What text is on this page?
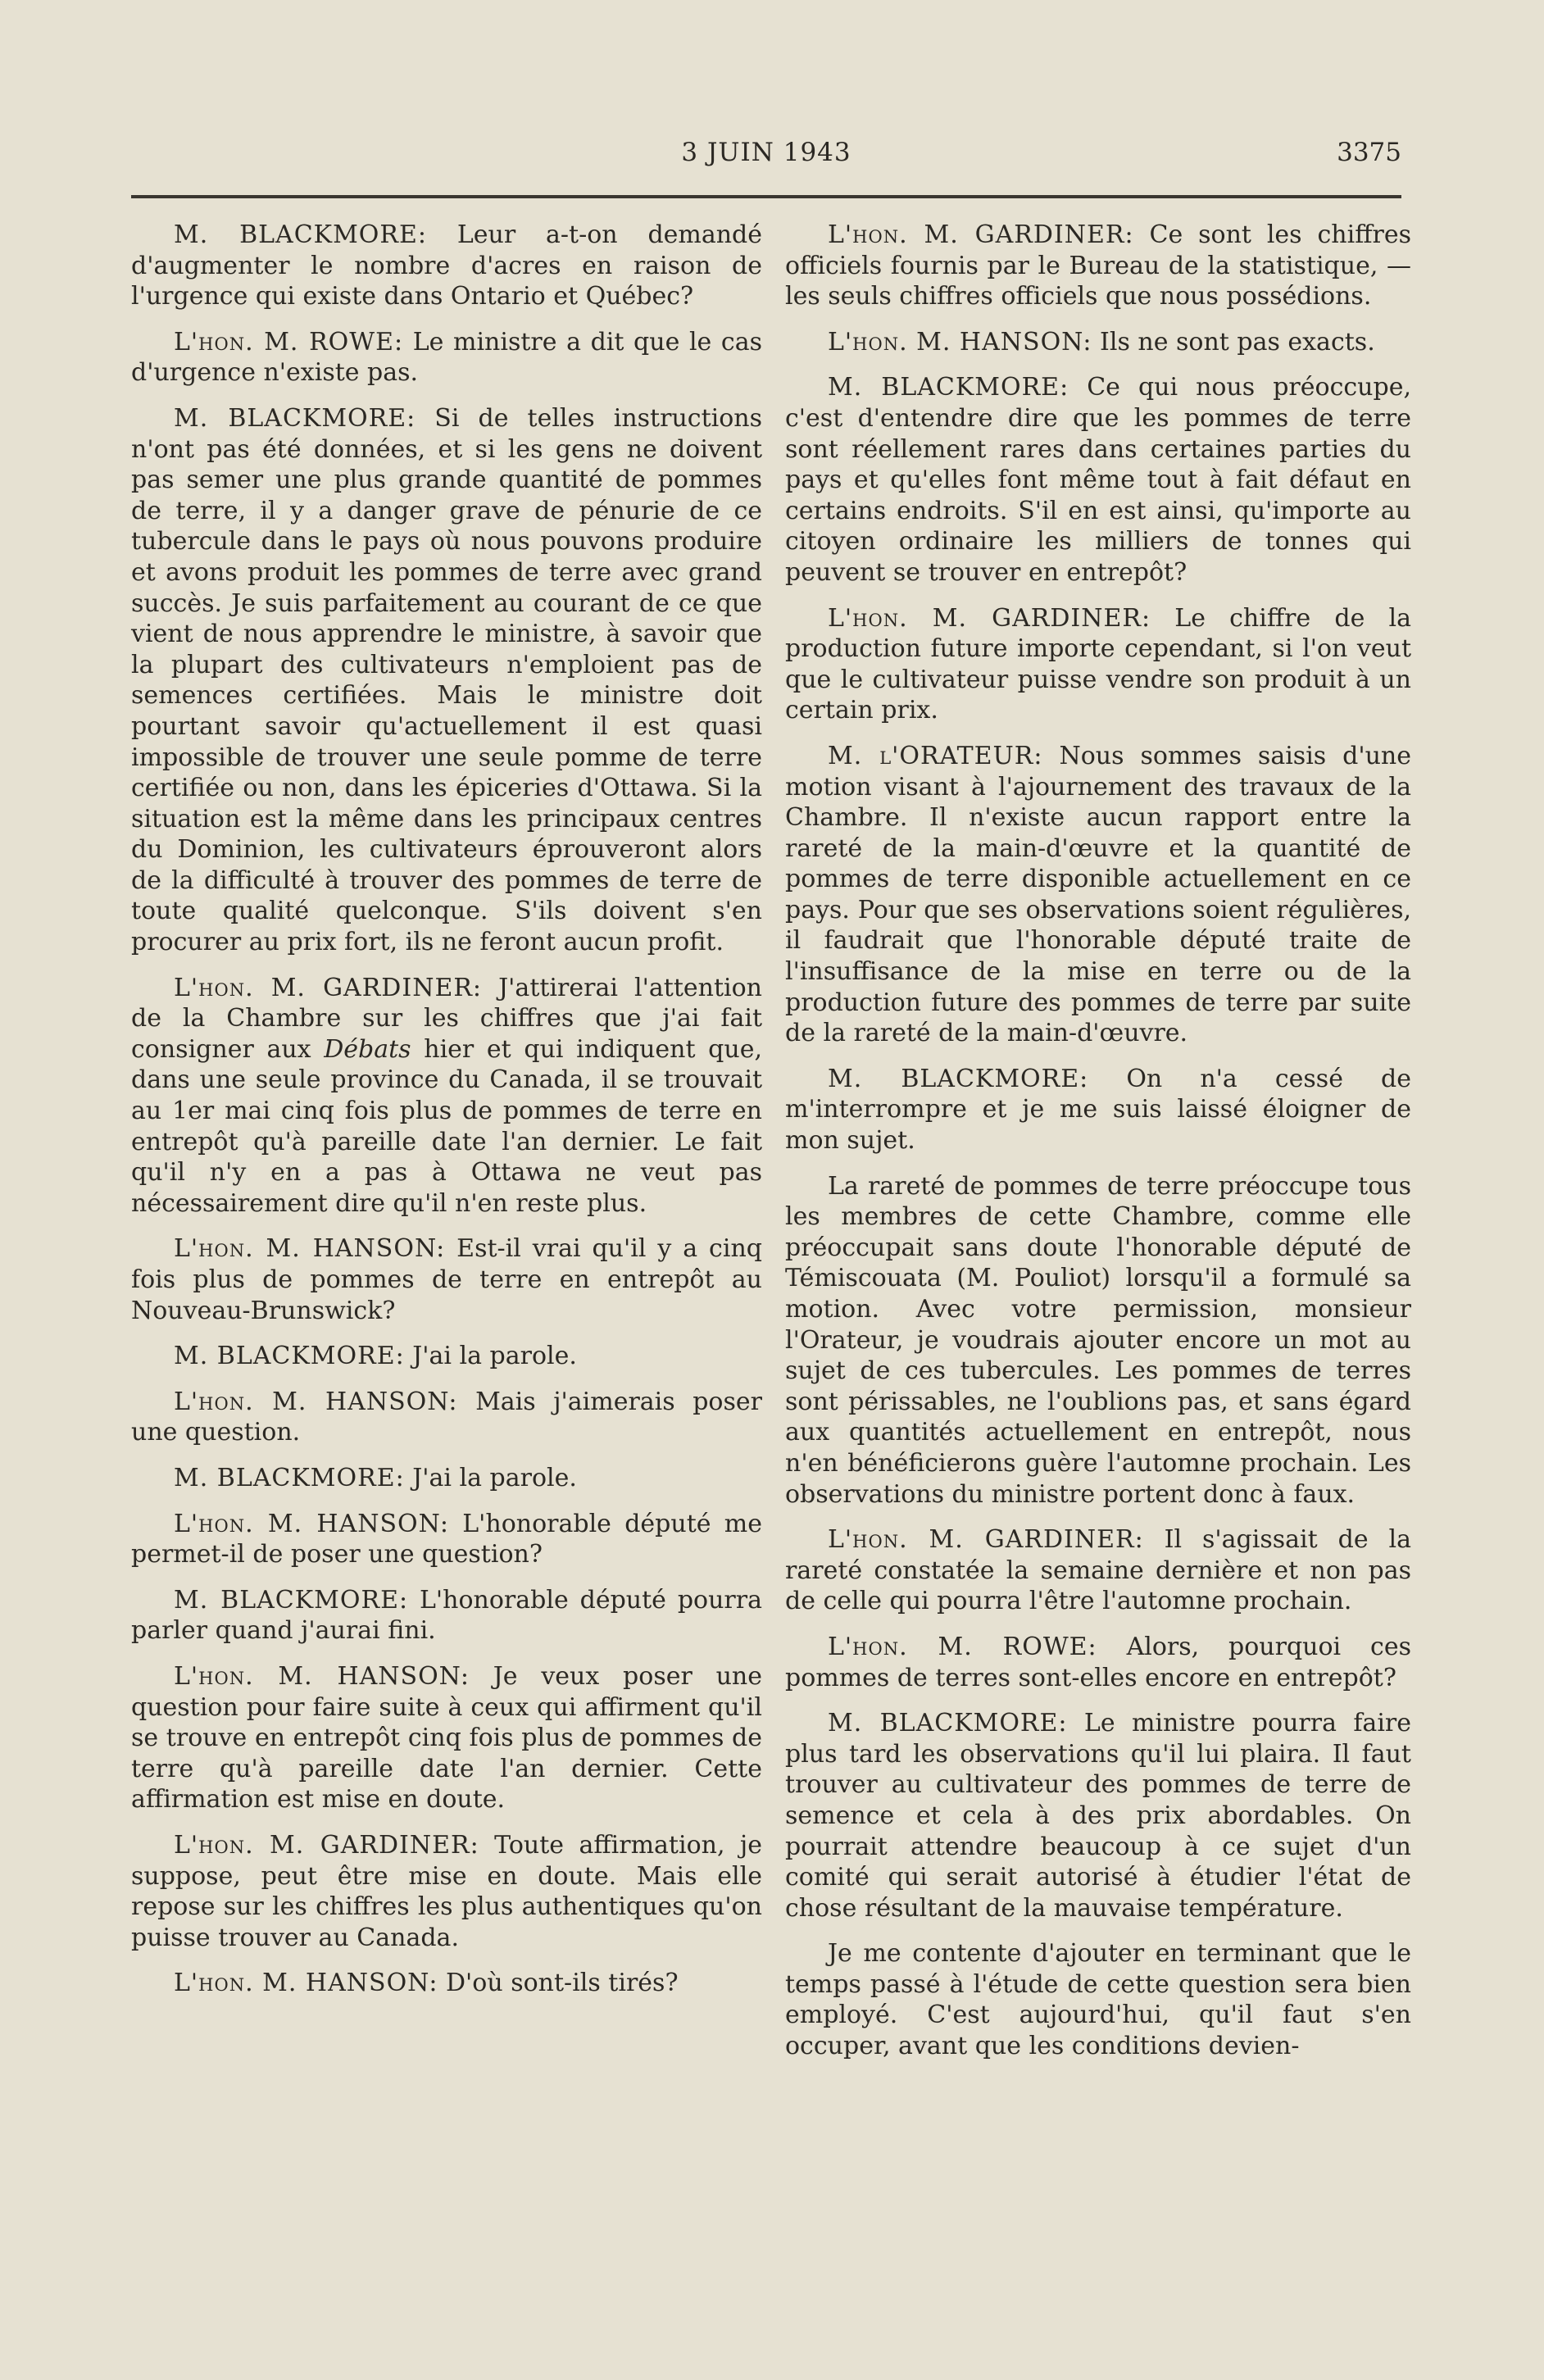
3 JUIN 1943	3375

M. BLACKMORE: Leur a-t-on demandé d'augmenter le nombre d'acres en raison de l'urgence qui existe dans Ontario et Québec?

L'hon. M. ROWE: Le ministre a dit que le cas d'urgence n'existe pas.

M. BLACKMORE: Si de telles instructions n'ont pas été données, et si les gens ne doivent pas semer une plus grande quantité de pommes de terre, il y a danger grave de pénurie de ce tubercule dans le pays où nous pouvons produire et avons produit les pommes de terre avec grand succès. Je suis parfaitement au courant de ce que vient de nous apprendre le ministre, à savoir que la plupart des cultivateurs n'emploient pas de semences certifiées. Mais le ministre doit pourtant savoir qu'actuellement il est quasi impossible de trouver une seule pomme de terre certifiée ou non, dans les épiceries d'Ottawa. Si la situation est la même dans les principaux centres du Dominion, les cultivateurs éprouveront alors de la difficulté à trouver des pommes de terre de toute qualité quelconque. S'ils doivent s'en procurer au prix fort, ils ne feront aucun profit.

L'hon. M. GARDINER: J'attirerai l'attention de la Chambre sur les chiffres que j'ai fait consigner aux Débats hier et qui indiquent que, dans une seule province du Canada, il se trouvait au 1er mai cinq fois plus de pommes de terre en entrepôt qu'à pareille date l'an dernier. Le fait qu'il n'y en a pas à Ottawa ne veut pas nécessairement dire qu'il n'en reste plus.

L'hon. M. HANSON: Est-il vrai qu'il y a cinq fois plus de pommes de terre en entrepôt au Nouveau-Brunswick?

M. BLACKMORE: J'ai la parole.

L'hon. M. HANSON: Mais j'aimerais poser une question.

M. BLACKMORE: J'ai la parole.

L'hon. M. HANSON: L'honorable député me permet-il de poser une question?

M. BLACKMORE: L'honorable député pourra parler quand j'aurai fini.

L'hon. M. HANSON: Je veux poser une question pour faire suite à ceux qui affirment qu'il se trouve en entrepôt cinq fois plus de pommes de terre qu'à pareille date l'an dernier. Cette affirmation est mise en doute.

L'hon. M. GARDINER: Toute affirmation, je suppose, peut être mise en doute. Mais elle repose sur les chiffres les plus authentiques qu'on puisse trouver au Canada.

L'hon. M. HANSON: D'où sont-ils tirés?

L'hon. M. GARDINER: Ce sont les chiffres officiels fournis par le Bureau de la statistique, —les seuls chiffres officiels que nous possédions.

L'hon. M. HANSON: Ils ne sont pas exacts.

M. BLACKMORE: Ce qui nous préoccupe, c'est d'entendre dire que les pommes de terre sont réellement rares dans certaines parties du pays et qu'elles font même tout à fait défaut en certains endroits. S'il en est ainsi, qu'importe au citoyen ordinaire les milliers de tonnes qui peuvent se trouver en entrepôt?

L'hon. M. GARDINER: Le chiffre de la production future importe cependant, si l'on veut que le cultivateur puisse vendre son produit à un certain prix.

M. l'ORATEUR: Nous sommes saisis d'une motion visant à l'ajournement des travaux de la Chambre. Il n'existe aucun rapport entre la rareté de la main-d'œuvre et la quantité de pommes de terre disponible actuellement en ce pays. Pour que ses observations soient régulières, il faudrait que l'honorable député traite de l'insuffisance de la mise en terre ou de la production future des pommes de terre par suite de la rareté de la main-d'œuvre.

M. BLACKMORE: On n'a cessé de m'interrompre et je me suis laissé éloigner de mon sujet.

La rareté de pommes de terre préoccupe tous les membres de cette Chambre, comme elle préoccupait sans doute l'honorable député de Témiscouata (M. Pouliot) lorsqu'il a formulé sa motion. Avec votre permission, monsieur l'Orateur, je voudrais ajouter encore un mot au sujet de ces tubercules. Les pommes de terres sont périssables, ne l'oublions pas, et sans égard aux quantités actuellement en entrepôt, nous n'en bénéficierons guère l'automne prochain. Les observations du ministre portent donc à faux.

L'hon. M. GARDINER: Il s'agissait de la rareté constatée la semaine dernière et non pas de celle qui pourra l'être l'automne prochain.

L'hon. M. ROWE: Alors, pourquoi ces pommes de terres sont-elles encore en entrepôt?

M. BLACKMORE: Le ministre pourra faire plus tard les observations qu'il lui plaira. Il faut trouver au cultivateur des pommes de terre de semence et cela à des prix abordables. On pourrait attendre beaucoup à ce sujet d'un comité qui serait autorisé à étudier l'état de chose résultant de la mauvaise température.

Je me contente d'ajouter en terminant que le temps passé à l'étude de cette question sera bien employé. C'est aujourd'hui, qu'il faut s'en occuper, avant que les conditions devien-
